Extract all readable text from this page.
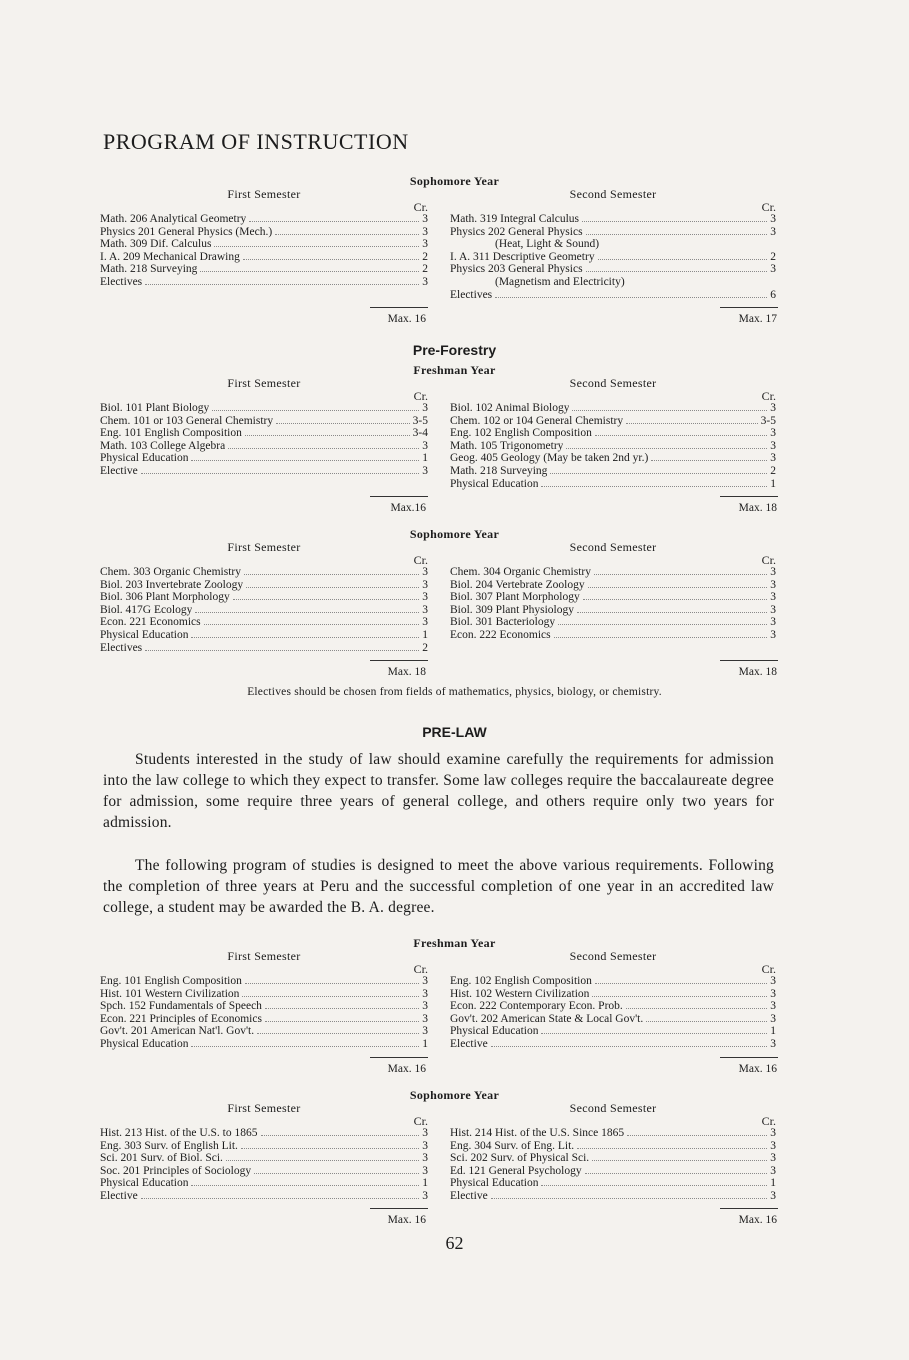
PROGRAM OF INSTRUCTION
Sophomore Year
First Semester
Cr.
Math. 206 Analytical Geometry	3
Physics 201 General Physics (Mech.)	3
Math. 309 Dif. Calculus	3
I. A. 209 Mechanical Drawing	2
Math. 218 Surveying	2
Electives	3
Second Semester
Cr.
Math. 319 Integral Calculus	3
Physics 202 General Physics	3
(Heat, Light & Sound)
I. A. 311 Descriptive Geometry	2
Physics 203 General Physics	3
(Magnetism and Electricity)
Electives	6
Max. 16	Max. 17
Pre-Forestry
Freshman Year
First Semester
Cr.
Biol. 101 Plant Biology	3
Chem. 101 or 103 General Chemistry	3-5
Eng. 101 English Composition	3-4
Math. 103 College Algebra	3
Physical Education	1
Elective	3
Second Semester
Cr.
Biol. 102 Animal Biology	3
Chem. 102 or 104 General Chemistry	3-5
Eng. 102 English Composition	3
Math. 105 Trigonometry	3
Geog. 405 Geology (May be taken 2nd yr.)	3
Math. 218 Surveying	2
Physical Education	1
Max.16	Max. 18
Sophomore Year
First Semester
Cr.
Chem. 303 Organic Chemistry	3
Biol. 203 Invertebrate Zoology	3
Biol. 306 Plant Morphology	3
Biol. 417G Ecology	3
Econ. 221 Economics	3
Physical Education	1
Electives	2
Second Semester
Cr.
Chem. 304 Organic Chemistry	3
Biol. 204 Vertebrate Zoology	3
Biol. 307 Plant Morphology	3
Biol. 309 Plant Physiology	3
Biol. 301 Bacteriology	3
Econ. 222 Economics	3
Max. 18	Max. 18
Electives should be chosen from fields of mathematics, physics, biology, or chemistry.
PRE-LAW

Students interested in the study of law should examine carefully the requirements for admission into the law college to which they expect to transfer. Some law colleges require the baccalaureate degree for admission, some require three years of general college, and others require only two years for admission.

The following program of studies is designed to meet the above various requirements. Following the completion of three years at Peru and the successful completion of one year in an accredited law college, a student may be awarded the B. A. degree.

Freshman Year
First Semester
Cr.
Eng. 101 English Composition	3
Hist. 101 Western Civilization	3
Spch. 152 Fundamentals of Speech	3
Econ. 221 Principles of Economics	3
Gov't. 201 American Nat'l. Gov't.	3
Physical Education	1
Second Semester
Cr.
Eng. 102 English Composition	3
Hist. 102 Western Civilization	3
Econ. 222 Contemporary Econ. Prob.	3
Gov't. 202 American State & Local Gov't.	3
Physical Education	1
Elective	3
Max. 16	Max. 16
Sophomore Year
First Semester
Cr.
Hist. 213 Hist. of the U.S. to 1865	3
Eng. 303 Surv. of English Lit.	3
Sci. 201 Surv. of Biol. Sci.	3
Soc. 201 Principles of Sociology	3
Physical Education	1
Elective	3
Second Semester
Cr.
Hist. 214 Hist. of the U.S. Since 1865	3
Eng. 304 Surv. of Eng. Lit.	3
Sci. 202 Surv. of Physical Sci.	3
Ed. 121 General Psychology	3
Physical Education	1
Elective	3
Max. 16	Max. 16
62
